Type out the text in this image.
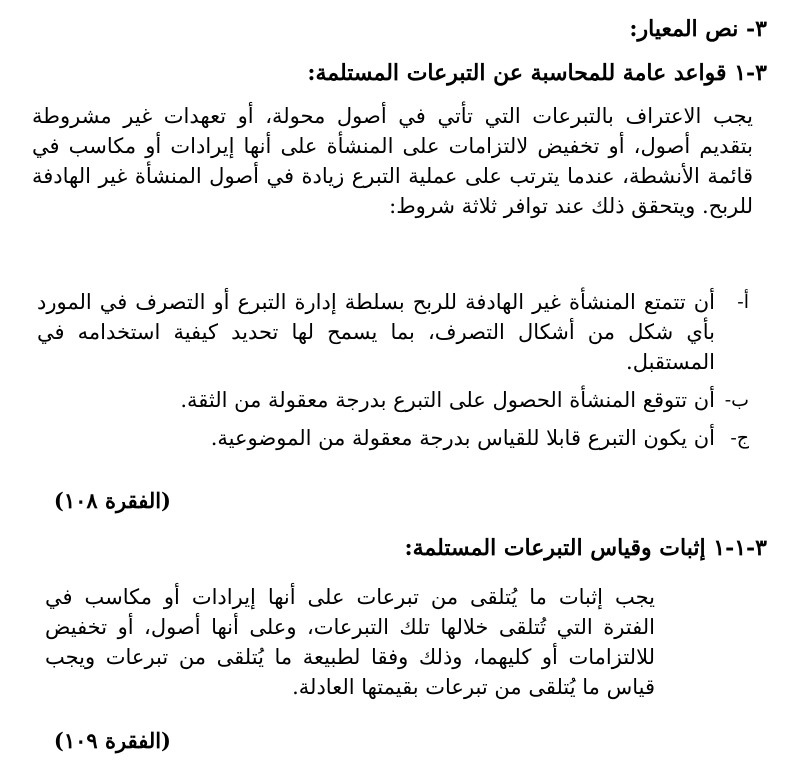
٣- نص المعيار:
٣-١ قواعد عامة للمحاسبة عن التبرعات المستلمة:
يجب الاعتراف بالتبرعات التي تأتي في أصول محولة، أو تعهدات غير مشروطة بتقديم أصول، أو تخفيض لالتزامات على المنشأة على أنها إيرادات أو مكاسب في قائمة الأنشطة، عندما يترتب على عملية التبرع زيادة في أصول المنشأة غير الهادفة للربح. ويتحقق ذلك عند توافر ثلاثة شروط:
أ-
أن تتمتع المنشأة غير الهادفة للربح بسلطة إدارة التبرع أو التصرف في المورد بأي شكل من أشكال التصرف، بما يسمح لها تحديد كيفية استخدامه في المستقبل.
ب-
أن تتوقع المنشأة الحصول على التبرع بدرجة معقولة من الثقة.
ج-
أن يكون التبرع قابلا للقياس بدرجة معقولة من الموضوعية.
(الفقرة ١٠٨)
٣-١-١ إثبات وقياس التبرعات المستلمة:
يجب إثبات ما يُتلقى من تبرعات على أنها إيرادات أو مكاسب في الفترة التي تُتلقى خلالها تلك التبرعات، وعلى أنها أصول، أو تخفيض للالتزامات أو كليهما، وذلك وفقا لطبيعة ما يُتلقى من تبرعات ويجب قياس ما يُتلقى من تبرعات بقيمتها العادلة.
(الفقرة ١٠٩)
